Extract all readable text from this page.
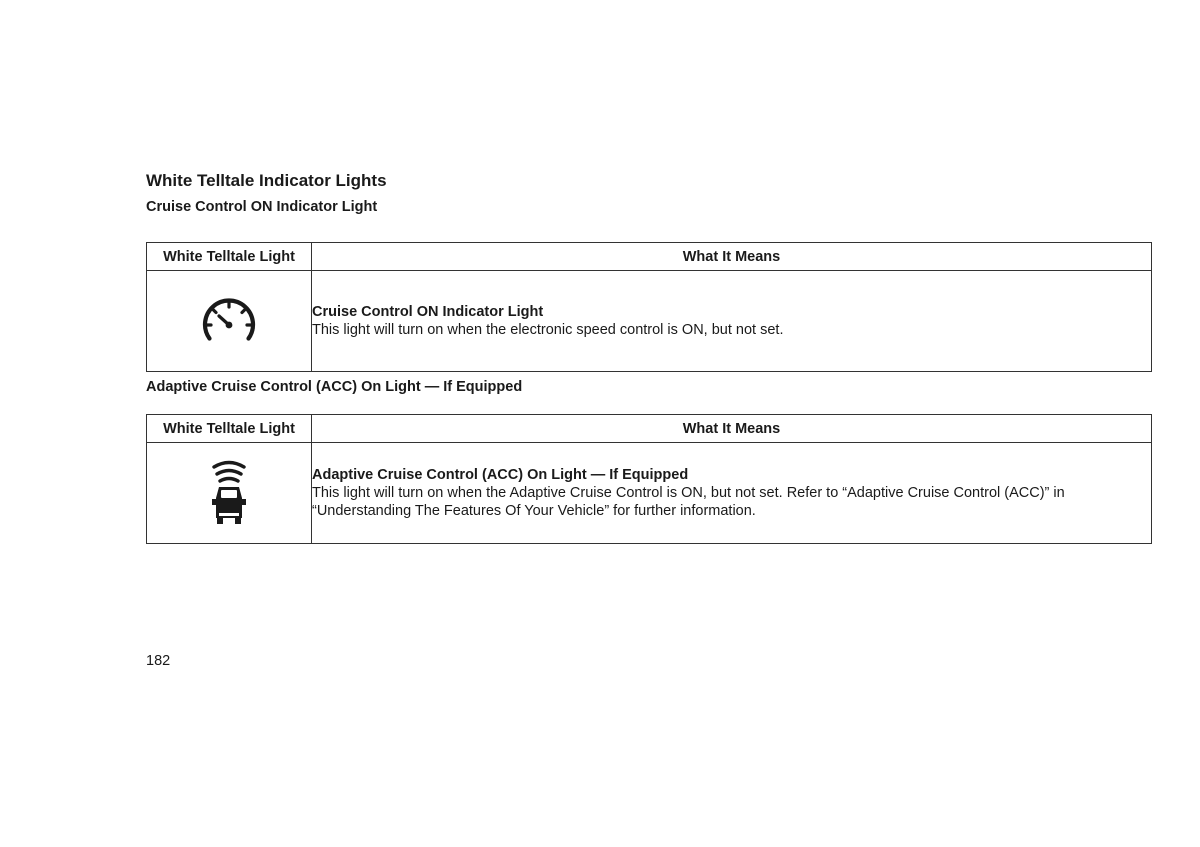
White Telltale Indicator Lights
Cruise Control ON Indicator Light
White Telltale Light	What It Means

Cruise Control ON Indicator Light
This light will turn on when the electronic speed control is ON, but not set.
Adaptive Cruise Control (ACC) On Light — If Equipped
White Telltale Light	What It Means

Adaptive Cruise Control (ACC) On Light — If Equipped
This light will turn on when the Adaptive Cruise Control is ON, but not set. Refer to “Adaptive Cruise Control (ACC)” in “Understanding The Features Of Your Vehicle” for further information.

182
